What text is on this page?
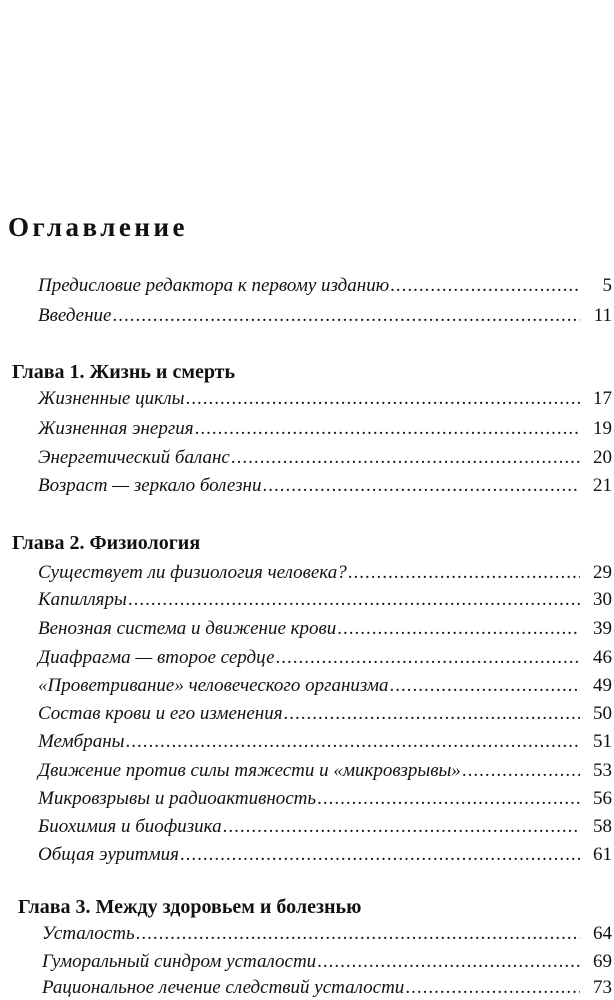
Оглавление
Предисловие редактора к первому изданию .....	5
Введение .....	11
Глава 1. Жизнь и смерть
Жизненные циклы .....	17
Жизненная энергия .....	19
Энергетический баланс .....	20
Возраст — зеркало болезни .....	21
Глава 2. Физиология
Существует ли физиология человека? .....	29
Капилляры .....	30
Венозная система и движение крови .....	39
Диафрагма — второе сердце .....	46
«Проветривание» человеческого организма .....	49
Состав крови и его изменения .....	50
Мембраны .....	51
Движение против силы тяжести и «микровзрывы» .....	53
Микровзрывы и радиоактивность .....	56
Биохимия и биофизика .....	58
Общая эуритмия .....	61
Глава 3. Между здоровьем и болезнью
Усталость .....	64
Гуморальный синдром усталости .....	69
Рациональное лечение следствий усталости .....	73
